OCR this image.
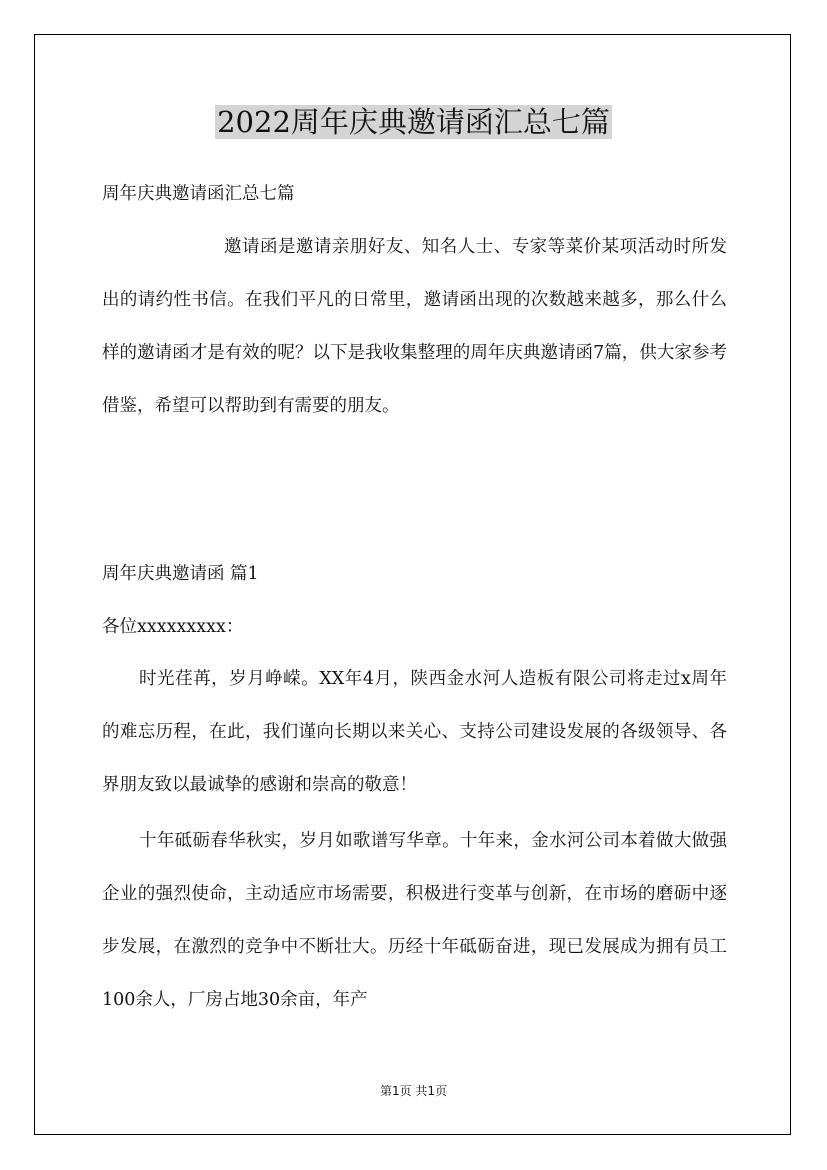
2022周年庆典邀请函汇总七篇
周年庆典邀请函汇总七篇

邀请函是邀请亲朋好友、知名人士、专家等菜价某项活动时所发出的请约性书信。在我们平凡的日常里，邀请函出现的次数越来越多，那么什么样的邀请函才是有效的呢？以下是我收集整理的周年庆典邀请函7篇，供大家参考借鉴，希望可以帮助到有需要的朋友。

周年庆典邀请函 篇1
各位xxxxxxxxx：

时光荏苒，岁月峥嵘。XX年4月，陕西金水河人造板有限公司将走过x周年的难忘历程，在此，我们谨向长期以来关心、支持公司建设发展的各级领导、各界朋友致以最诚挚的感谢和崇高的敬意！

十年砥砺春华秋实，岁月如歌谱写华章。十年来，金水河公司本着做大做强企业的强烈使命，主动适应市场需要，积极进行变革与创新，在市场的磨砺中逐步发展，在激烈的竞争中不断壮大。历经十年砥砺奋进，现已发展成为拥有员工100余人，厂房占地30余亩，年产

第1页 共1页
